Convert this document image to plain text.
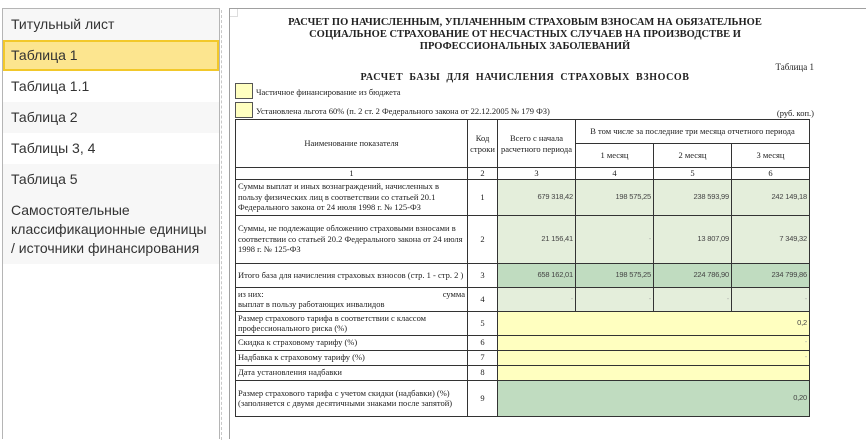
Титульный лист
Таблица 1
Таблица 1.1
Таблица 2
Таблицы 3, 4
Таблица 5
Самостоятельные классификационные единицы / источники финансирования
РАСЧЕТ ПО НАЧИСЛЕННЫМ, УПЛАЧЕННЫМ СТРАХОВЫМ ВЗНОСАМ НА ОБЯЗАТЕЛЬНОЕ
СОЦИАЛЬНОЕ СТРАХОВАНИЕ ОТ НЕСЧАСТНЫХ СЛУЧАЕВ НА ПРОИЗВОДСТВЕ И
ПРОФЕССИОНАЛЬНЫХ ЗАБОЛЕВАНИЙ
Таблица 1
РАСЧЕТ БАЗЫ ДЛЯ НАЧИСЛЕНИЯ СТРАХОВЫХ ВЗНОСОВ
Частичное финансирование из бюджета
Установлена льгота 60% (п. 2 ст. 2 Федерального закона от 22.12.2005 № 179 ФЗ)	(руб. коп.)
Наименование показателя	Код строки	Всего с начала расчетного периода	В том числе за последние три месяца отчетного периода		
			1 месяц	2 месяц	3 месяц
1	2	3	4	5	6
Суммы выплат и иных вознаграждений, начисленных в пользу физических лиц в соответствии со статьей 20.1 Федерального закона от 24 июля 1998 г. № 125-ФЗ	1	679 318,42	198 575,25	238 593,99	242 149,18
Суммы, не подлежащие обложению страховыми взносами в соответствии со статьей 20.2 Федерального закона от 24 июля 1998 г. № 125-ФЗ	2	21 156,41	-	13 807,09	7 349,32
Итого база для начисления страховых взносов (стр. 1 - стр. 2 )	3	658 162,01	198 575,25	224 786,90	234 799,86

из них: сумма
выплат в пользу работающих инвалидов	4	-	-	-	-
Размер страхового тарифа в соответствии с классом профессионального риска (%)	5	0,2			
Скидка к страховому тарифу (%)	6	-			
Надбавка к страховому тарифу (%)	7	-			
Дата установления надбавки	8				
Размер страхового тарифа с учетом скидки (надбавки) (%) (заполняется с двумя десятичными знаками после запятой)	9	0,20			
